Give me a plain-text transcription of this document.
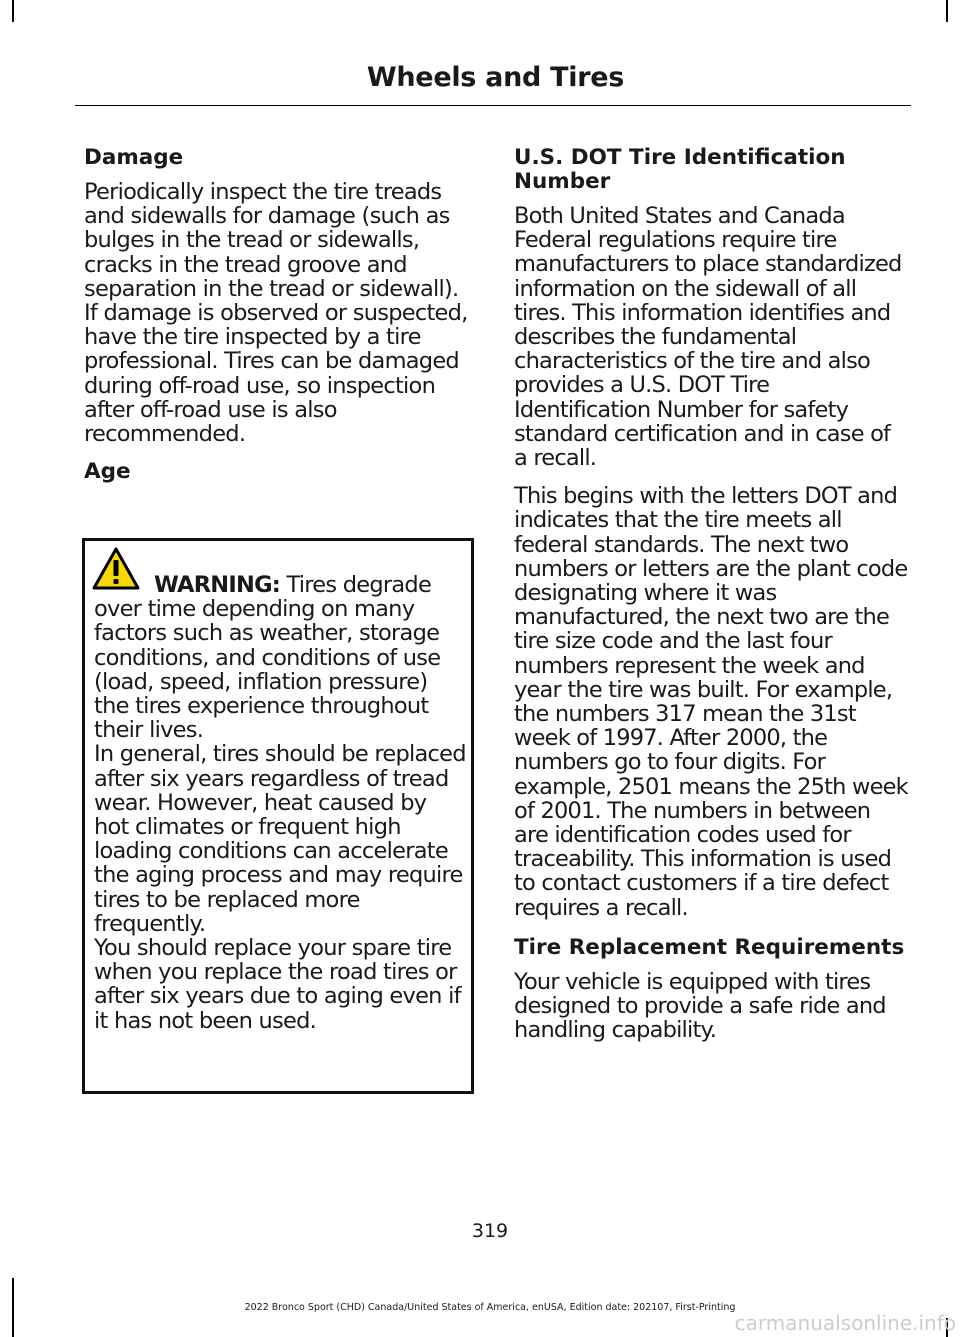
Wheels and Tires
Damage

Periodically inspect the tire treads and sidewalls for damage (such as bulges in the tread or sidewalls, cracks in the tread groove and separation in the tread or sidewall). If damage is observed or suspected, have the tire inspected by a tire professional. Tires can be damaged during off-road use, so inspection after off-road use is also recommended.

Age

WARNING: Tires degrade over time depending on many factors such as weather, storage conditions, and conditions of use (load, speed, inflation pressure) the tires experience throughout their lives.

In general, tires should be replaced after six years regardless of tread wear. However, heat caused by hot climates or frequent high loading conditions can accelerate the aging process and may require tires to be replaced more frequently.

You should replace your spare tire when you replace the road tires or after six years due to aging even if it has not been used.

U.S. DOT Tire Identification Number

Both United States and Canada Federal regulations require tire manufacturers to place standardized information on the sidewall of all tires. This information identifies and describes the fundamental characteristics of the tire and also provides a U.S. DOT Tire Identification Number for safety standard certification and in case of a recall.

This begins with the letters DOT and indicates that the tire meets all federal standards. The next two numbers or letters are the plant code designating where it was manufactured, the next two are the tire size code and the last four numbers represent the week and year the tire was built. For example, the numbers 317 mean the 31st week of 1997. After 2000, the numbers go to four digits. For example, 2501 means the 25th week of 2001. The numbers in between are identification codes used for traceability. This information is used to contact customers if a tire defect requires a recall.

Tire Replacement Requirements

Your vehicle is equipped with tires designed to provide a safe ride and handling capability.

319
2022 Bronco Sport (CHD) Canada/United States of America, enUSA, Edition date: 202107, First-Printing
carmanualsonline.info
